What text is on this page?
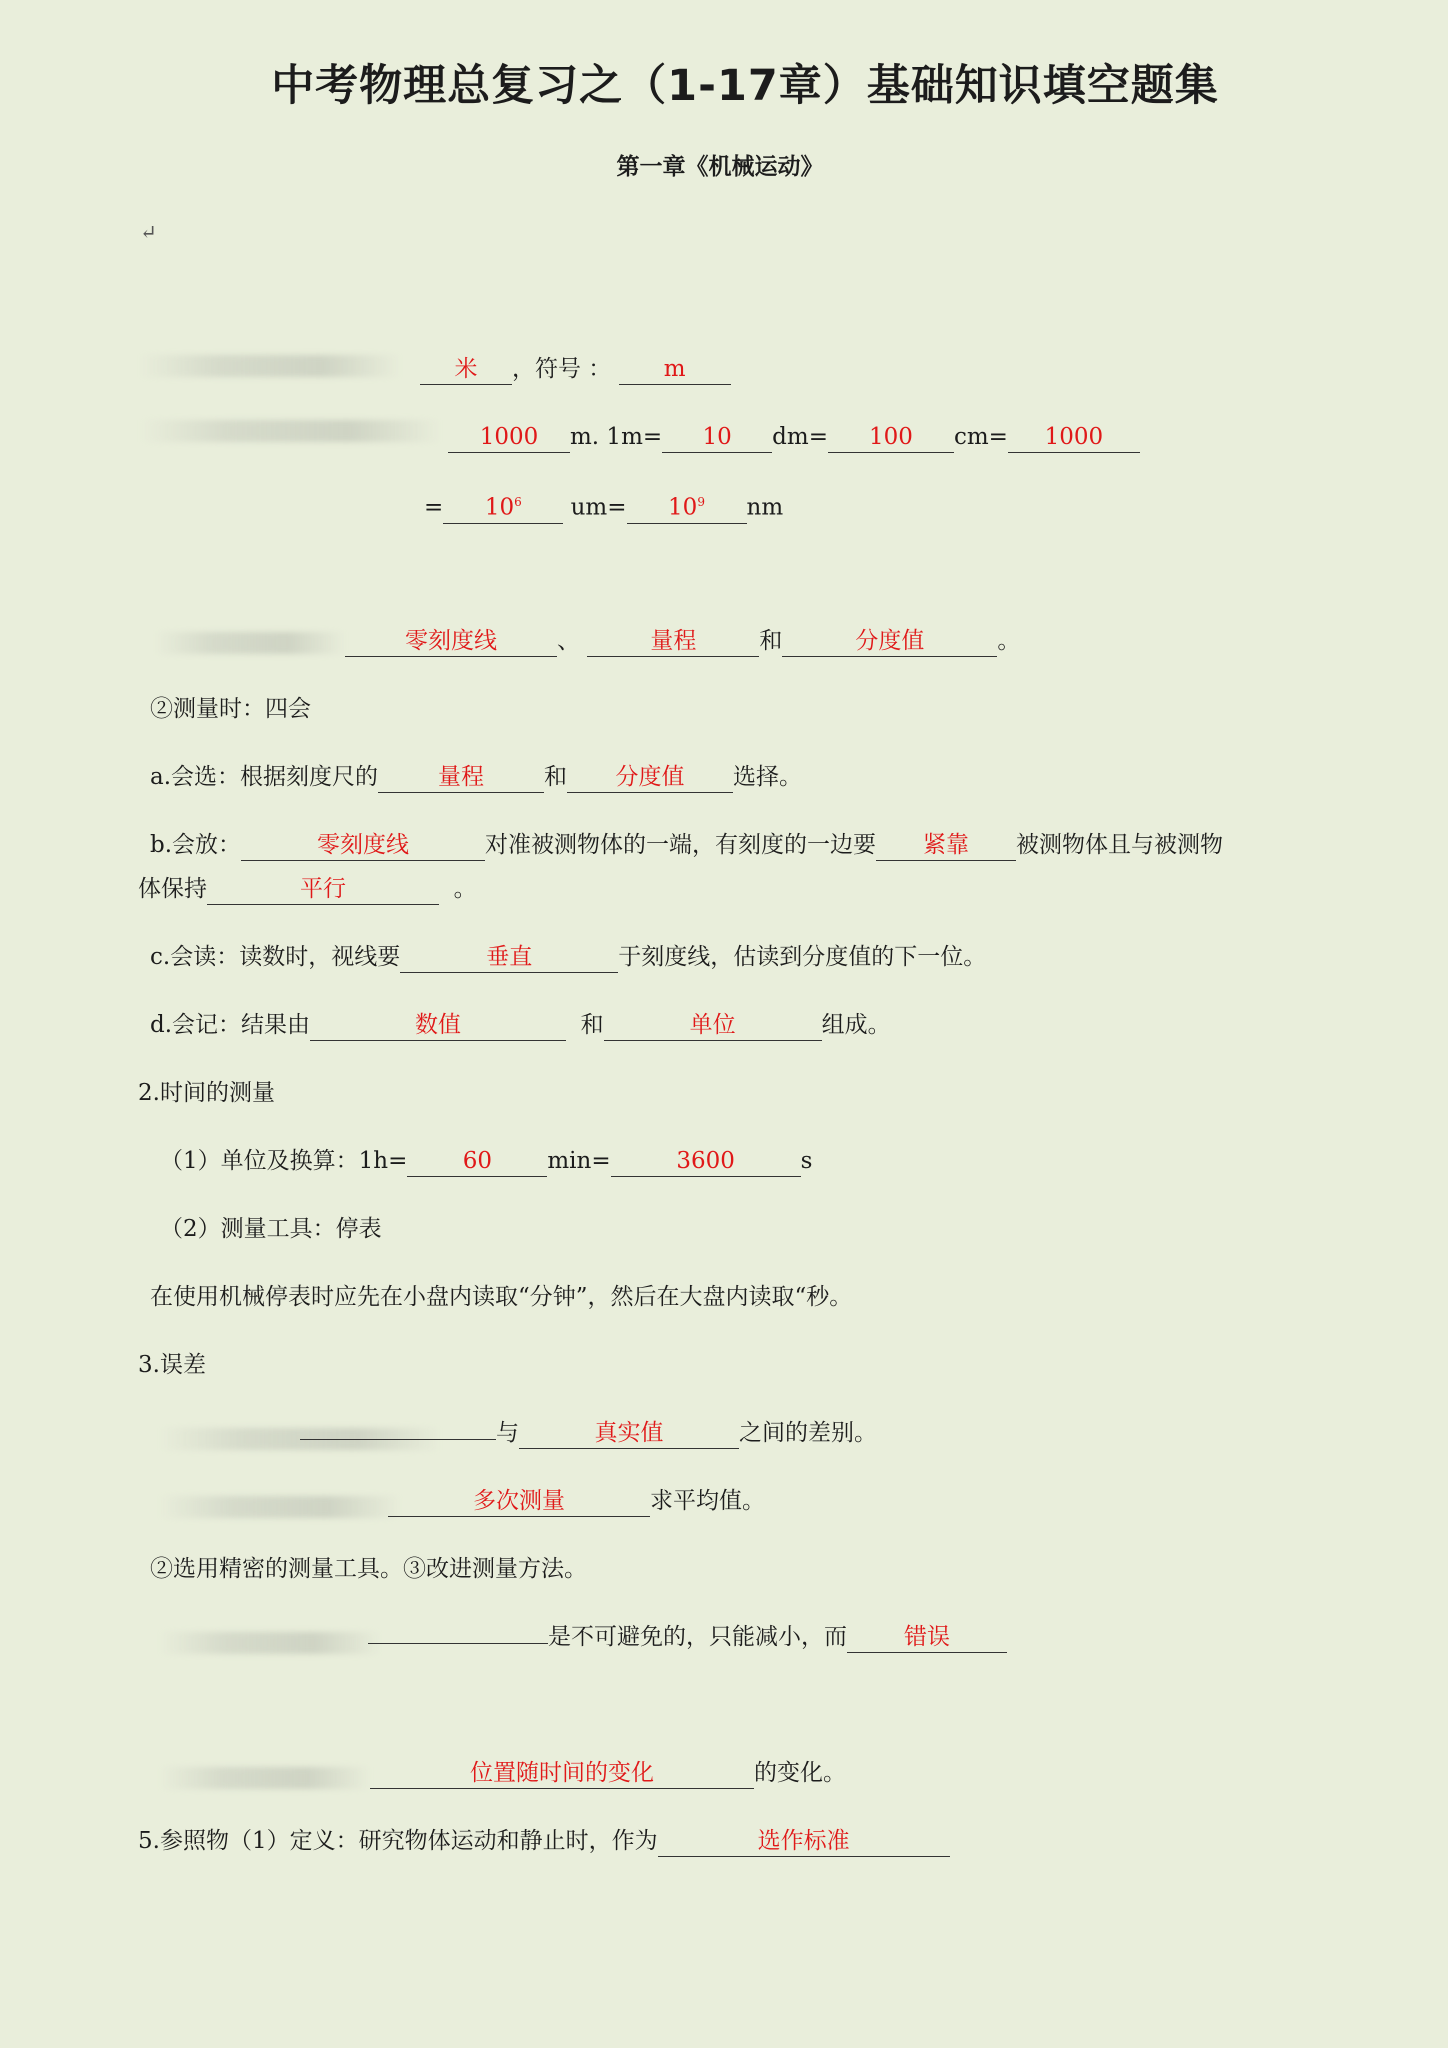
中考物理总复习之（1-17章）基础知识填空题集
第一章《机械运动》
↵
米 ，符号 ： m
1000 m. 1m= 10 dm= 100 cm= 1000
= $10^6$ $um= 10^9$ nm
零刻度线	、	量程	和	分度值	。
②测量时：四会
a.会选：根据刻度尺的	量程	和 分度值 选择。
b.会放：	零刻度线	对准被测物体的一端，有刻度的一边要 紧靠 被测物体且与被测物
体保持	平行	。
c.会读：读数时，视线要	垂直	于刻度线，估读到分度值的下一位。
d.会记：结果由	数值	和	单位	组成。
2.时间的测量
（1）单位及换算：1h= 60 min=	3600	s
（2）测量工具：停表
在使用机械停表时应先在小盘内读取“分钟”，然后在大盘内读取“秒。
3.误差
与	真实值	之间的差别。
多次测量	求平均值。
②选用精密的测量工具。③改进测量方法。
是不可避免的，只能减小，而 错误
位置随时间的变化	的变化。
5.参照物（1）定义：研究物体运动和静止时，作为	选作标准
